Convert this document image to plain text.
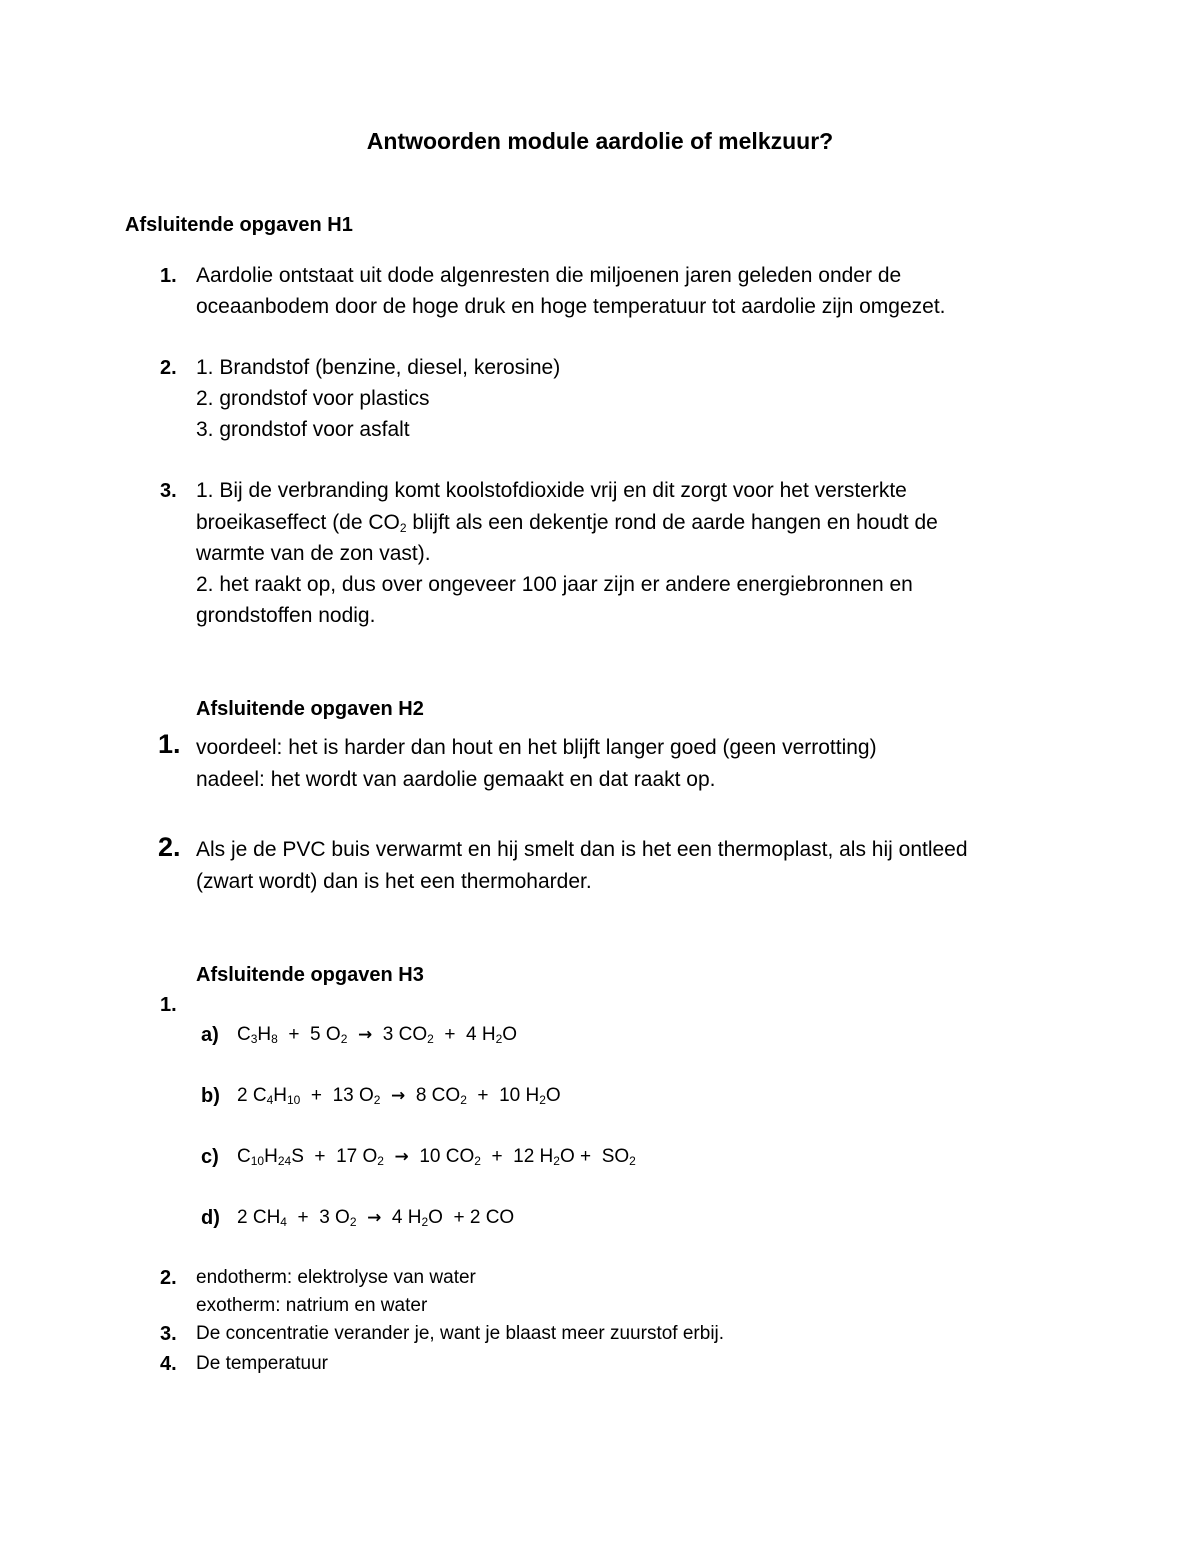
Antwoorden module aardolie of melkzuur?
Afsluitende opgaven H1
1. Aardolie ontstaat uit dode algenresten die miljoenen jaren geleden onder de
oceaanbodem door de hoge druk en hoge temperatuur tot aardolie zijn omgezet.
2. 1. Brandstof (benzine, diesel, kerosine)
2. grondstof voor plastics
3. grondstof voor asfalt
3. 1. Bij de verbranding komt koolstofdioxide vrij en dit zorgt voor het versterkte
broeikaseffect (de $CO_2$ blijft als een dekentje rond de aarde hangen en houdt de
warmte van de zon vast).
2. het raakt op, dus over ongeveer 100 jaar zijn er andere energiebronnen en
grondstoffen nodig.
Afsluitende opgaven H2
1. voordeel: het is harder dan hout en het blijft langer goed (geen verrotting)
nadeel: het wordt van aardolie gemaakt en dat raakt op.
2. Als je de PVC buis verwarmt en hij smelt dan is het een thermoplast, als hij ontleed
(zwart wordt) dan is het een thermoharder.
Afsluitende opgaven H3
1.
a) $C_3H_8 + 5$ $O_2 \to 3$ $CO_2 + 4$ $H_2O$
b) 2 $C_4H_{10} + 13$ $O_2 \to 8$ $CO_2 + 10$ $H_2O$
c) $C_{10}H_{24}S + 17$ $O_2 \to 10$ $CO_2 + 12$ $H_2O + SO_2$
d) 2 $CH_4 + 3$ $O_2 \to 4$ $H_2O + 2$ CO
2. endotherm: elektrolyse van water
exotherm: natrium en water
3. De concentratie verander je, want je blaast meer zuurstof erbij.
4. De temperatuur
